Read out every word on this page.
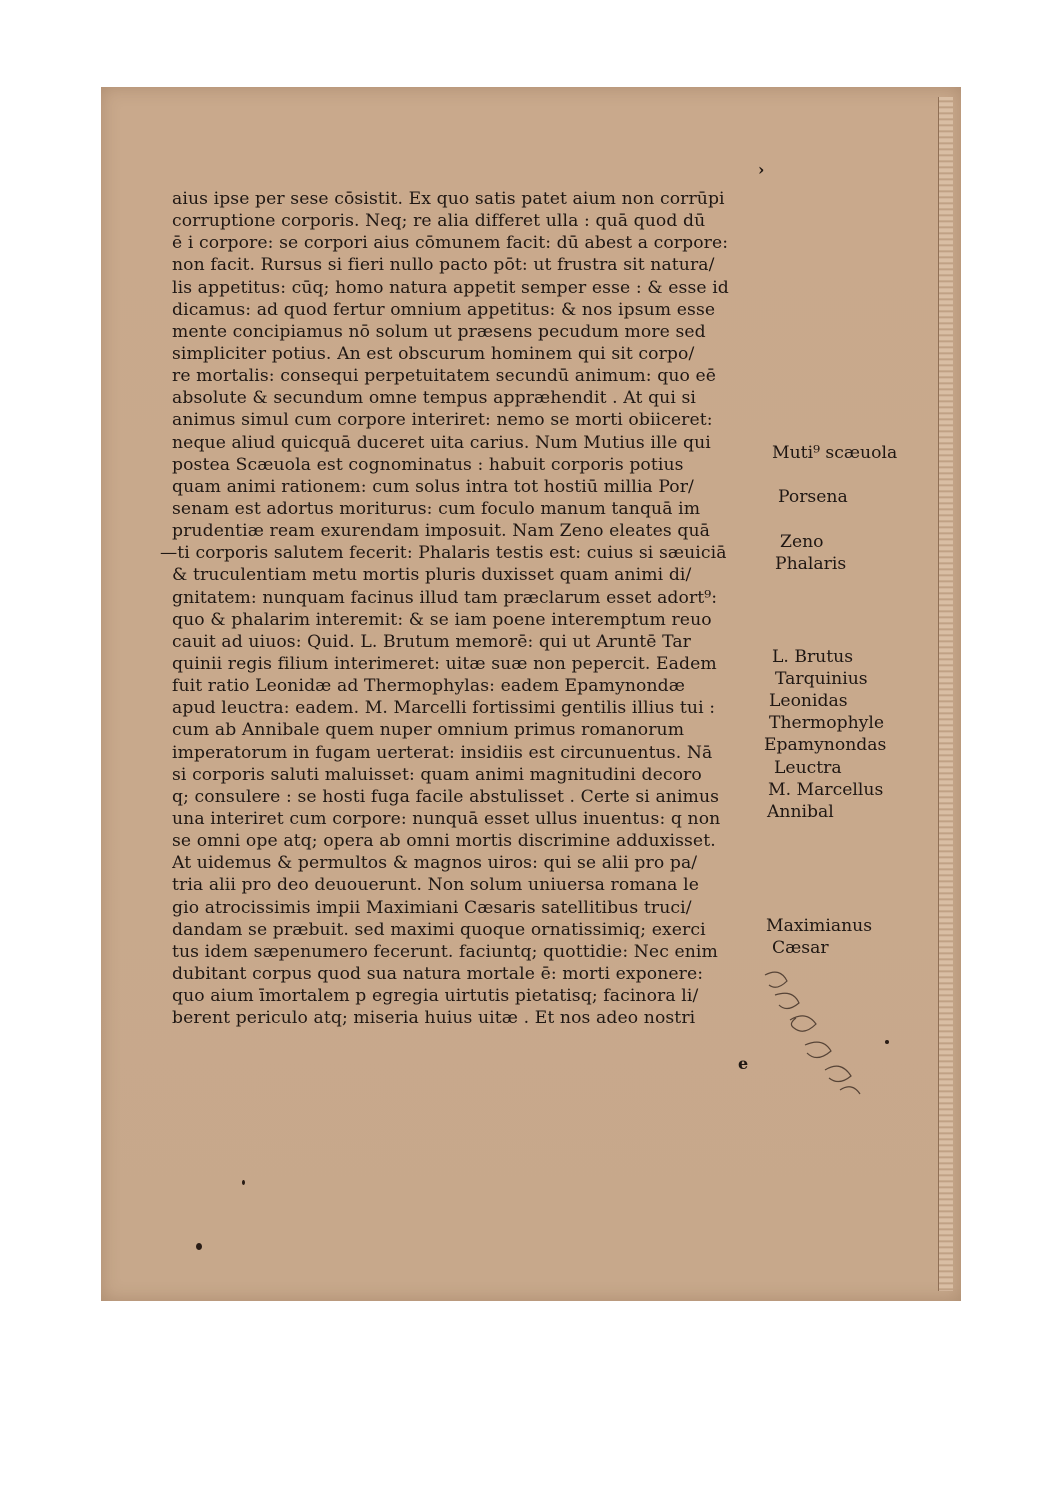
›
aius ipse per sese cōsistit. Ex quo satis patet aium non corrūpi
corruptione corporis. Neq; re alia differet ulla : quā quod dū
ē i corpore: se corpori aius cōmunem facit: dū abest a corpore:
non facit. Rursus si fieri nullo pacto pōt: ut frustra sit natura/
lis appetitus: cūq; homo natura appetit semper esse : & esse id
dicamus: ad quod fertur omnium appetitus: & nos ipsum esse
mente concipiamus nō solum ut præsens pecudum more sed
simpliciter potius. An est obscurum hominem qui sit corpo/
re mortalis: consequi perpetuitatem secundū animum: quo eē
absolute & secundum omne tempus appræhendit . At qui si
animus simul cum corpore interiret: nemo se morti obiiceret:
neque aliud quicquā duceret uita carius. Num Mutius ille qui
postea Scæuola est cognominatus : habuit corporis potius
quam animi rationem: cum solus intra tot hostiū millia Por/
senam est adortus moriturus: cum foculo manum tanquā im
prudentiæ ream exurendam imposuit. Nam Zeno eleates quā
—ti corporis salutem fecerit: Phalaris testis est: cuius si sæuiciā
& truculentiam metu mortis pluris duxisset quam animi di/
gnitatem: nunquam facinus illud tam præclarum esset adort⁹:
quo & phalarim interemit: & se iam poene interemptum reuo
cauit ad uiuos: Quid. L. Brutum memorē: qui ut Aruntē Tar
quinii regis filium interimeret: uitæ suæ non pepercit. Eadem
fuit ratio Leonidæ ad Thermophylas: eadem Epamynondæ
apud leuctra: eadem. M. Marcelli fortissimi gentilis illius tui :
cum ab Annibale quem nuper omnium primus romanorum
imperatorum in fugam uerterat: insidiis est circunuentus. Nā
si corporis saluti maluisset: quam animi magnitudini decoro
q; consulere : se hosti fuga facile abstulisset . Certe si animus
una interiret cum corpore: nunquā esset ullus inuentus: q non
se omni ope atq; opera ab omni mortis discrimine adduxisset.
At uidemus & permultos & magnos uiros: qui se alii pro pa/
tria alii pro deo deuouerunt. Non solum uniuersa romana le
gio atrocissimis impii Maximiani Cæsaris satellitibus truci/
dandam se præbuit. sed maximi quoque ornatissimiq; exerci
tus idem sæpenumero fecerunt. faciuntq; quottidie: Nec enim
dubitant corpus quod sua natura mortale ē: morti exponere:
quo aium īmortalem p egregia uirtutis pietatisq; facinora li/
berent periculo atq; miseria huius uitæ . Et nos adeo nostri
Muti⁹ scæuola
Porsena
Zeno
Phalaris
L. Brutus
Tarquinius
Leonidas
Thermophyle
Epamynondas
Leuctra
M. Marcellus
Annibal
Maximianus
Cæsar
e
